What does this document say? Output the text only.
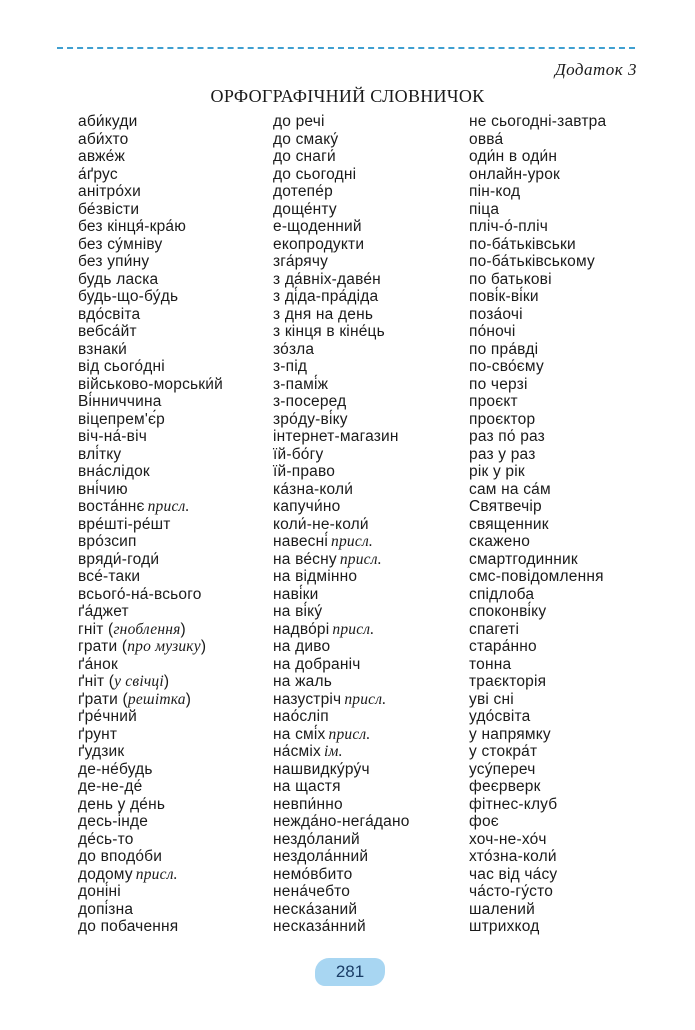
Додаток 3
ОРФОГРАФІЧНИЙ СЛОВНИЧОК
аби́куди
аби́хто
авже́ж
а́ґрус
анітро́хи
бе́звісти
без кінця́-кра́ю
без су́мніву
без упи́ну
будь ласка
будь-що-бу́дь
вдо́світа
вебса́йт
взнаки́
від сього́дні
військово-морськи́й
Ві́нниччина
віцепрем'є́р
віч-на́-віч
влі́тку
вна́слідок
вні́чию
воста́ннє присл.
вре́шті-ре́шт
вро́зсип
вряди́-годи́
все́-таки
всього́-на́-всього
ґа́джет
гніт (гноблення)
грати (про музику)
ґа́нок
ґніт (у свічці)
ґрати (решітка)
ґре́чний
ґрунт
ґудзик
де-не́будь
де-не-де́
день у де́нь
десь-і́нде
де́сь-то
до вподо́би
додому присл.
доні́ні
допі́зна
до побачення
до речі
до смаку́
до снаги́
до сьогодні
дотепе́р
доще́нту
е-щоденний
екопродукти
зга́рячу
з да́вніх-даве́н
з ді́да-пра́діда
з дня на день
з кінця в кіне́ць
зо́зла
з-під
з-памі́ж
з-посеред
зро́ду-ві́ку
інтернет-магазин
їй-бо́гу
їй-право
ка́зна-коли́
капучи́но
коли́-не-коли́
навесні́ присл.
на ве́сну присл.
на відмінно
наві́ки
на ві́ку́
надво́рі присл.
на диво
на добраніч
на жаль
назустріч присл.
нао́сліп
на смі́х присл.
на́сміх ім.
нашвидку́ру́ч
на щастя
невпи́нно
нежда́но-нега́дано
нездо́ланий
нездола́нний
немо́вбито
нена́чебто
нeска́заний
несказа́нний
не сьогодні-завтра
овва́
оди́н в оди́н
онлайн-урок
пін-код
піца
пліч-о́-пліч
по-ба́тьківськи
по-ба́тьківському
по батькові
пові́к-ві́ки
поза́очі
по́ночі
по пра́вді
по-сво́єму
по черзі
проєкт
проєктор
раз по́ раз
раз у раз
рік у рік
сам на са́м
Святвечір
священник
скажено
смартгодинник
смс-повідомлення
спідлоба
споконві́ку
спагеті
стара́нно
тонна
траєкторія
уві сні
удо́світа
у напрямку
у стокра́т
усу́переч
феєрверк
фітнес-клуб
фоє
хоч-не-хо́ч
хто́зна-коли́
час від ча́су
ча́сто-гу́сто
шалений
штрихкод
281
